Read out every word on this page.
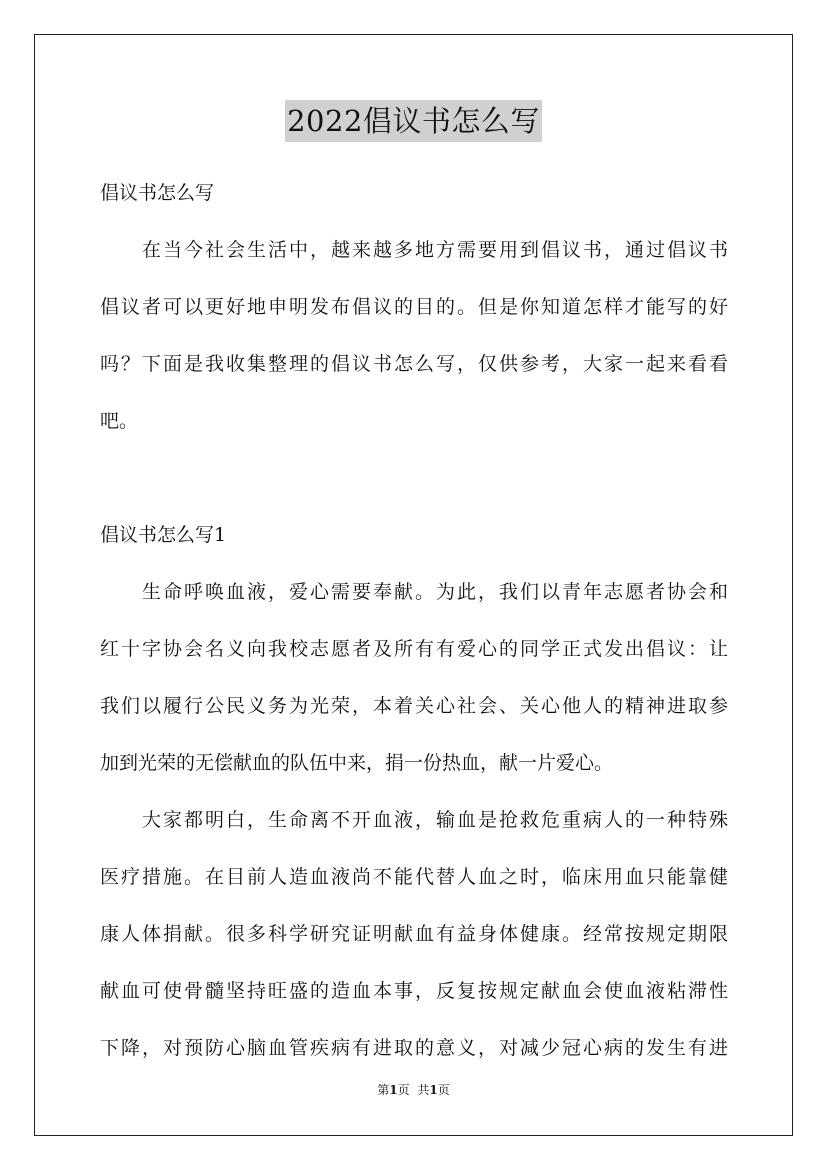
2022倡议书怎么写
倡议书怎么写
在当今社会生活中，越来越多地方需要用到倡议书，通过倡议书
倡议者可以更好地申明发布倡议的目的。但是你知道怎样才能写的好
吗？下面是我收集整理的倡议书怎么写，仅供参考，大家一起来看看
吧。
倡议书怎么写1
生命呼唤血液，爱心需要奉献。为此，我们以青年志愿者协会和
红十字协会名义向我校志愿者及所有有爱心的同学正式发出倡议：让
我们以履行公民义务为光荣，本着关心社会、关心他人的精神进取参
加到光荣的无偿献血的队伍中来，捐一份热血，献一片爱心。
大家都明白，生命离不开血液，输血是抢救危重病人的一种特殊
医疗措施。在目前人造血液尚不能代替人血之时，临床用血只能靠健
康人体捐献。很多科学研究证明献血有益身体健康。经常按规定期限
献血可使骨髓坚持旺盛的造血本事，反复按规定献血会使血液粘滞性
下降，对预防心脑血管疾病有进取的意义，对减少冠心病的发生有进
第1页 共1页
